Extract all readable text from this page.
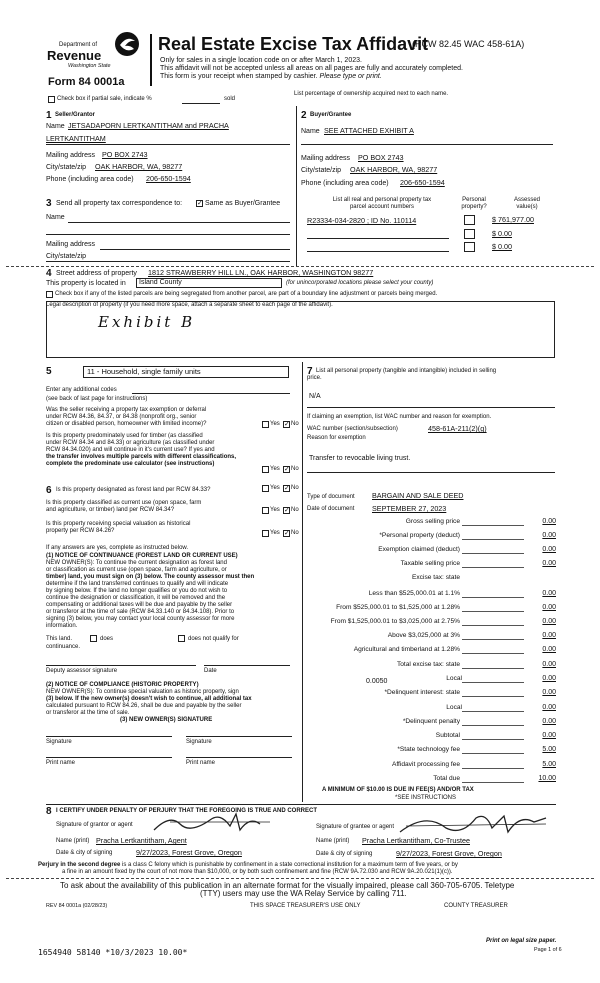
Department of
Revenue
Washington State
Form 84 0001a
Real Estate Excise Tax Affidavit
(RCW 82.45 WAC 458-61A)
Only for sales in a single location code on or after March 1, 2023.
This affidavit will not be accepted unless all areas on all pages are fully and accurately completed.
This form is your receipt when stamped by cashier. Please type or print.
Check box if partial sale, indicate %	sold
List percentage of ownership acquired next to each name.
1 Seller/Grantor
Name JETSADAPORN LERTKANTITHAM and PRACHA
LERTKANTITHAM
Mailing address PO BOX 2743
City/state/zip OAK HARBOR, WA, 98277
Phone (including area code) 206-650-1594
2 Buyer/Grantee
Name SEE ATTACHED EXHIBIT A
Mailing address PO BOX 2743
City/state/zip OAK HARBOR, WA, 98277
Phone (including area code) 206-650-1594
3 Send all property tax correspondence to: ✓ Same as Buyer/Grantee
Name
Mailing address
City/state/zip
List all real and personal property tax
parcel account numbers
Personal
property?
Assessed
value(s)
R23334-034-2820 ; ID No. 110114	$ 761,977.00
$ 0.00
$ 0.00
4 Street address of property 1812 STRAWBERRY HILL LN., OAK HARBOR, WASHINGTON 98277
This property is located in Island County	(for unincorporated locations please select your county)
Check box if any of the listed parcels are being segregated from another parcel, are part of a boundary line adjustment or parcels being merged.
Legal description of property (if you need more space, attach a separate sheet to each page of the affidavit).
Exhibit B
5	11 - Household, single family units
Enter any additional codes
(see back of last page for instructions)
Was the seller receiving a property tax exemption or deferral
under RCW 84.36, 84.37, or 84.38 (nonprofit org., senior
citizen or disabled person, homeowner with limited income)?	Yes ✓ No
Is this property predominately used for timber (as classified
under RCW 84.34 and 84.33) or agriculture (as classified under
RCW 84.34.020) and will continue in it's current use? If yes and
the transfer involves multiple parcels with different classifications,
complete the predominate use calculator (see instructions)
Yes ✓ No
6 Is this property designated as forest land per RCW 84.33?	Yes ✓ No
Is this property classified as current use (open space, farm
and agriculture, or timber) land per RCW 84.34?	Yes ✓ No
Is this property receiving special valuation as historical
property per RCW 84.26?	Yes ✓ No
If any answers are yes, complete as instructed below.
(1) NOTICE OF CONTINUANCE (FOREST LAND OR CURRENT USE)
NEW OWNER(S): To continue the current designation as forest land
or classification as current use (open space, farm and agriculture, or
timber) land, you must sign on (3) below. The county assessor must then
determine if the land transferred continues to qualify and will indicate
by signing below. If the land no longer qualifies or you do not wish to
continue the designation or classification, it will be removed and the
compensating or additional taxes will be due and payable by the seller
or transferor at the time of sale (RCW 84.33.140 or 84.34.108). Prior to
signing (3) below, you may contact your local county assessor for more
information.
This land.	does	does not qualify for
continuance.
Deputy assessor signature	Date
(2) NOTICE OF COMPLIANCE (HISTORIC PROPERTY)
NEW OWNER(S): To continue special valuation as historic property, sign
(3) below. If the new owner(s) doesn't wish to continue, all additional tax
calculated pursuant to RCW 84.26, shall be due and payable by the seller
or transferor at the time of sale.
(3) NEW OWNER(S) SIGNATURE
Signature	Signature
Print name	Print name
7 List all personal property (tangible and intangible) included in selling
price.
N/A
If claiming an exemption, list WAC number and reason for exemption.
WAC number (section/subsection)	458-61A-211(2)(g)
Reason for exemption
Transfer to revocable living trust.
Type of document BARGAIN AND SALE DEED
Date of document SEPTEMBER 27, 2023
Gross selling price	0.00
*Personal property (deduct)	0.00
Exemption claimed (deduct)	0.00
Taxable selling price	0.00
Excise tax: state
Less than $525,000.01 at 1.1%	0.00
From $525,000.01 to $1,525,000 at 1.28%	0.00
From $1,525,000.01 to $3,025,000 at 2.75%	0.00
Above $3,025,000 at 3%	0.00
Agricultural and timberland at 1.28%	0.00
Total excise tax: state	0.00
Local	0.00
*Delinquent interest: state	0.00
Local	0.00
*Delinquent penalty	0.00
Subtotal	0.00
*State technology fee	5.00
Affidavit processing fee	5.00
Total due	10.00
0.0050
A MINIMUM OF $10.00 IS DUE IN FEE(S) AND/OR TAX
*SEE INSTRUCTIONS
8 I CERTIFY UNDER PENALTY OF PERJURY THAT THE FOREGOING IS TRUE AND CORRECT
Signature of grantor or agent
Name (print) Pracha Lertkantitham, Agent
Date & city of signing	9/27/2023, Forest Grove, Oregon
Signature of grantee or agent
Name (print) Pracha Lertkantitham, Co-Trustee
Date & city of signing	9/27/2023, Forest Grove, Oregon
Perjury in the second degree is a class C felony which is punishable by confinement in a state correctional institution for a maximum term of five years, or by
a fine in an amount fixed by the court of not more than $10,000, or by both such confinement and fine (RCW 9A.72.030 and RCW 9A.20.021(1)(c)).
To ask about the availability of this publication in an alternate format for the visually impaired, please call 360-705-6705. Teletype
(TTY) users may use the WA Relay Service by calling 711.
REV 84 0001a (02/28/23)	THIS SPACE TREASURER'S USE ONLY	COUNTY TREASURER
1654940 58140 *10/3/2023 10.00*
Print on legal size paper.
Page 1 of 6
